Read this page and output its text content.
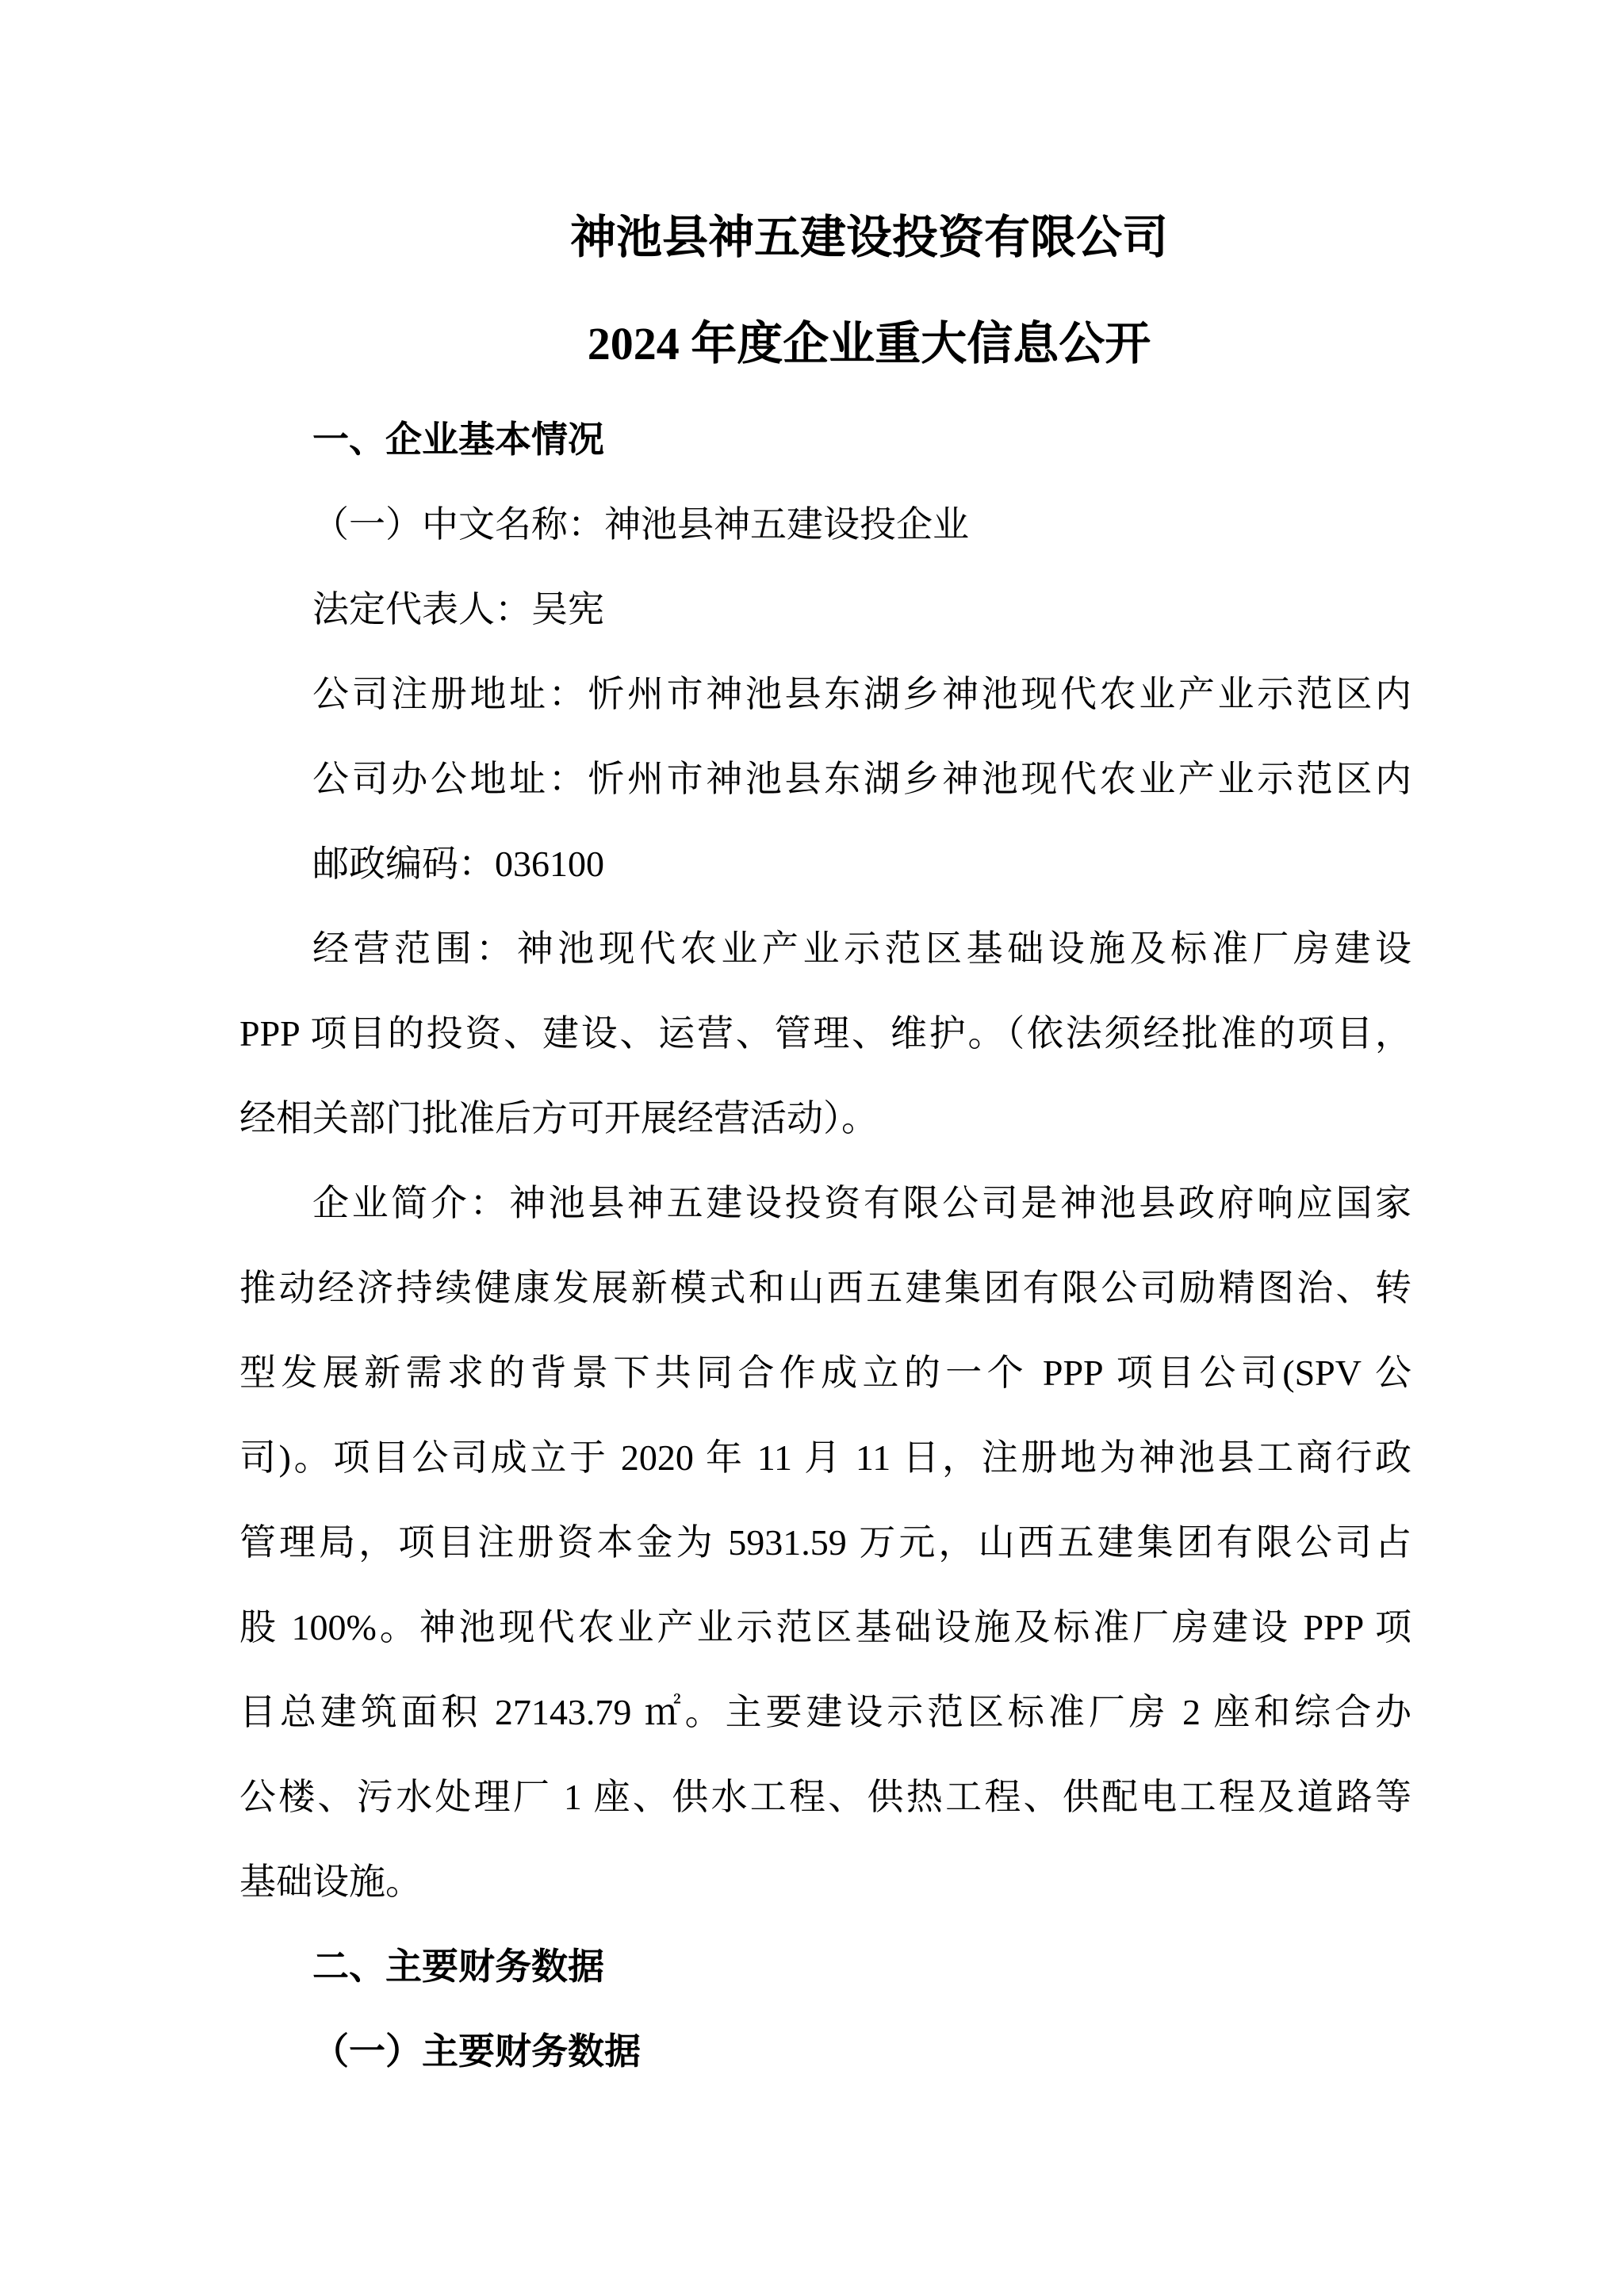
神池县神五建设投资有限公司
2024 年度企业重大信息公开
一、企业基本情况
（一）中文名称：神池县神五建设投企业
法定代表人：吴宪
公司注册地址：忻州市神池县东湖乡神池现代农业产业示范区内
公司办公地址：忻州市神池县东湖乡神池现代农业产业示范区内
邮政编码：036100
经营范围：神池现代农业产业示范区基础设施及标准厂房建设
PPP 项目的投资、建设、运营、管理、维护。（依法须经批准的项目，
经相关部门批准后方可开展经营活动）。
企业简介：神池县神五建设投资有限公司是神池县政府响应国家
推动经济持续健康发展新模式和山西五建集团有限公司励精图治、转
型发展新需求的背景下共同合作成立的一个 PPP 项目公司(SPV 公
司)。项目公司成立于 2020 年 11 月 11 日，注册地为神池县工商行政
管理局，项目注册资本金为 5931.59 万元，山西五建集团有限公司占
股 100%。神池现代农业产业示范区基础设施及标准厂房建设 PPP 项
目总建筑面积 27143.79 ㎡。主要建设示范区标准厂房 2 座和综合办
公楼、污水处理厂 1 座、供水工程、供热工程、供配电工程及道路等
基础设施。
二、主要财务数据
（一）主要财务数据
